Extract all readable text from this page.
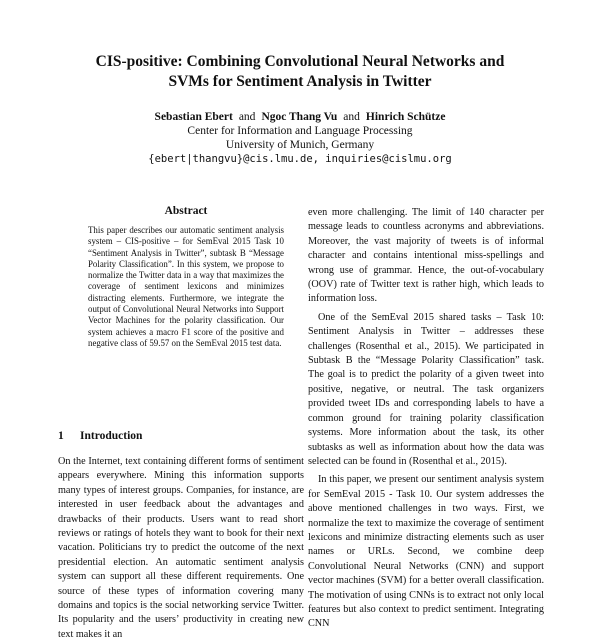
CIS-positive: Combining Convolutional Neural Networks and
SVMs for Sentiment Analysis in Twitter
Sebastian Ebert and Ngoc Thang Vu and Hinrich Schütze
Center for Information and Language Processing
University of Munich, Germany
{ebert|thangvu}@cis.lmu.de, inquiries@cislmu.org
Abstract

This paper describes our automatic sentiment analysis system – CIS-positive – for SemEval 2015 Task 10 “Sentiment Analysis in Twitter”, subtask B “Message Polarity Classification”. In this system, we propose to normalize the Twitter data in a way that maximizes the coverage of sentiment lexicons and minimizes distracting elements. Furthermore, we integrate the output of Convolutional Neural Networks into Support Vector Machines for the polarity classification. Our system achieves a macro F1 score of the positive and negative class of 59.57 on the SemEval 2015 test data.

1 Introduction

On the Internet, text containing different forms of sentiment appears everywhere. Mining this information supports many types of interest groups. Companies, for instance, are interested in user feedback about the advantages and drawbacks of their products. Users want to read short reviews or ratings of hotels they want to book for their next vacation. Politicians try to predict the outcome of the next presidential election. An automatic sentiment analysis system can support all these different requirements. One source of these types of information covering many domains and topics is the social networking service Twitter. Its popularity and the users’ productivity in creating new text makes it an

even more challenging. The limit of 140 character per message leads to countless acronyms and abbreviations. Moreover, the vast majority of tweets is of informal character and contains intentional miss-spellings and wrong use of grammar. Hence, the out-of-vocabulary (OOV) rate of Twitter text is rather high, which leads to information loss.

One of the SemEval 2015 shared tasks – Task 10: Sentiment Analysis in Twitter – addresses these challenges (Rosenthal et al., 2015). We participated in Subtask B the “Message Polarity Classification” task. The goal is to predict the polarity of a given tweet into positive, negative, or neutral. The task organizers provided tweet IDs and corresponding labels to have a common ground for training polarity classification systems. More information about the task, its other subtasks as well as information about how the data was selected can be found in (Rosenthal et al., 2015).

In this paper, we present our sentiment analysis system for SemEval 2015 - Task 10. Our system addresses the above mentioned challenges in two ways. First, we normalize the text to maximize the coverage of sentiment lexicons and minimize distracting elements such as user names or URLs. Second, we combine deep Convolutional Neural Networks (CNN) and support vector machines (SVM) for a better overall classification. The motivation of using CNNs is to extract not only local features but also context to predict sentiment. Integrating CNN
